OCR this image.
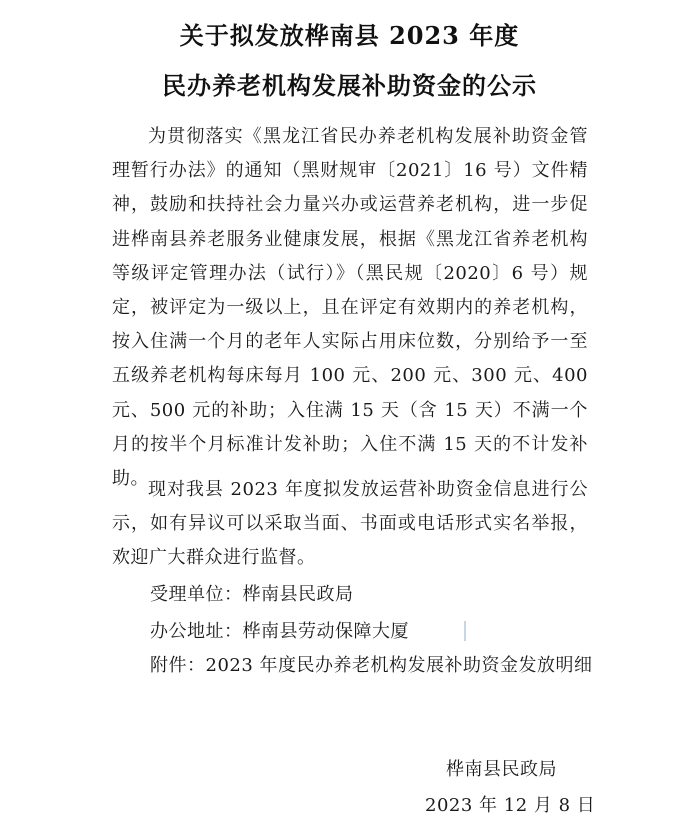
关于拟发放桦南县 2023 年度
民办养老机构发展补助资金的公示

为贯彻落实《黑龙江省民办养老机构发展补助资金管理暂行办法》的通知（黑财规审〔2021〕16 号）文件精神，鼓励和扶持社会力量兴办或运营养老机构，进一步促进桦南县养老服务业健康发展，根据《黑龙江省养老机构等级评定管理办法（试行）》（黑民规〔2020〕6 号）规定，被评定为一级以上，且在评定有效期内的养老机构，按入住满一个月的老年人实际占用床位数，分别给予一至五级养老机构每床每月 100 元、200 元、300 元、400 元、500 元的补助；入住满 15 天（含 15 天）不满一个月的按半个月标准计发补助；入住不满 15 天的不计发补助。

现对我县 2023 年度拟发放运营补助资金信息进行公示，如有异议可以采取当面、书面或电话形式实名举报，欢迎广大群众进行监督。

受理单位：桦南县民政局
办公地址：桦南县劳动保障大厦
附件：2023 年度民办养老机构发展补助资金发放明细
桦南县民政局
2023 年 12 月 8 日
